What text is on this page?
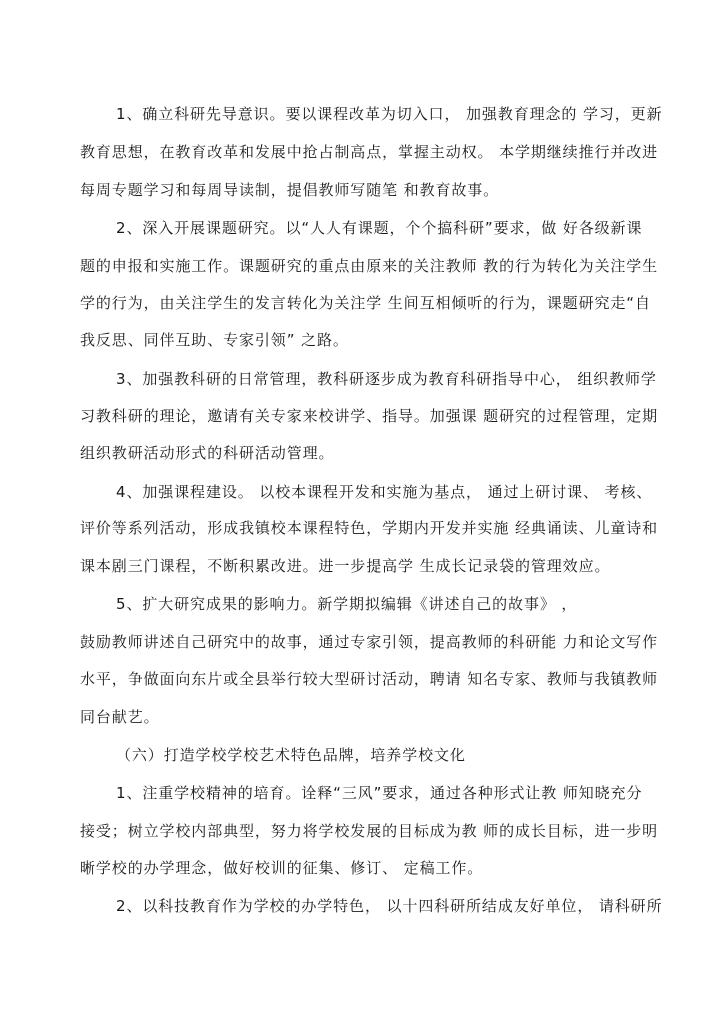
1、确立科研先导意识。要以课程改革为切入口， 加强教育理念的 学习，更新
教育思想，在教育改革和发展中抢占制高点，掌握主动权。 本学期继续推行并改进
每周专题学习和每周导读制，提倡教师写随笔 和教育故事。
2、深入开展课题研究。以“人人有课题，个个搞科研”要求，做 好各级新课
题的申报和实施工作。课题研究的重点由原来的关注教师 教的行为转化为关注学生
学的行为，由关注学生的发言转化为关注学 生间互相倾听的行为，课题研究走“自
我反思、同伴互助、专家引领” 之路。
3、加强教科研的日常管理，教科研逐步成为教育科研指导中心， 组织教师学
习教科研的理论，邀请有关专家来校讲学、指导。加强课 题研究的过程管理，定期
组织教研活动形式的科研活动管理。
4、加强课程建设。 以校本课程开发和实施为基点， 通过上研讨课、 考核、
评价等系列活动，形成我镇校本课程特色，学期内开发并实施 经典诵读、儿童诗和
课本剧三门课程，不断积累改进。进一步提高学 生成长记录袋的管理效应。
5、扩大研究成果的影响力。新学期拟编辑《讲述自己的故事》 ，
鼓励教师讲述自己研究中的故事，通过专家引领，提高教师的科研能 力和论文写作
水平，争做面向东片或全县举行较大型研讨活动，聘请 知名专家、教师与我镇教师
同台献艺。
（六）打造学校学校艺术特色品牌，培养学校文化
1、注重学校精神的培育。诠释“三风”要求，通过各种形式让教 师知晓充分
接受；树立学校内部典型，努力将学校发展的目标成为教 师的成长目标，进一步明
晰学校的办学理念，做好校训的征集、修订、 定稿工作。
2、以科技教育作为学校的办学特色， 以十四科研所结成友好单位， 请科研所
